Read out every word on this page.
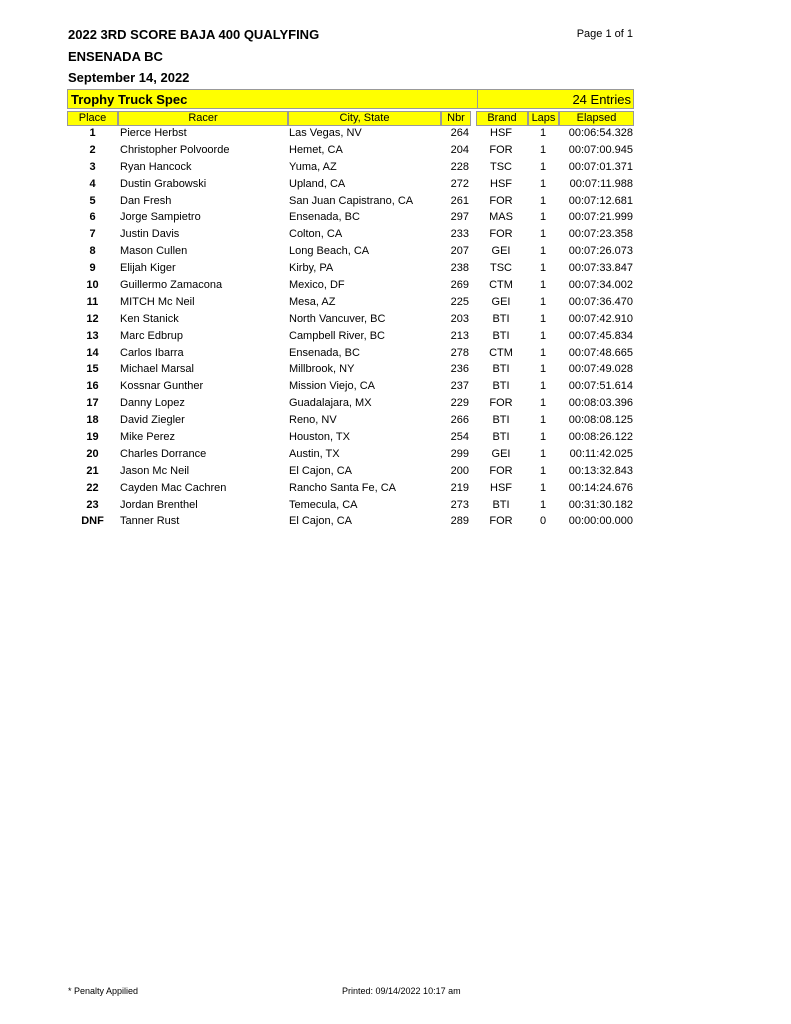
2022 3RD SCORE BAJA 400 QUALYFING
ENSENADA BC
September 14, 2022
Page 1 of 1
Trophy Truck Spec	24 Entries
Place	Racer	City, State	Nbr	Brand	Laps	Elapsed
1	Pierce Herbst	Las Vegas, NV	264	HSF	1	00:06:54.328
2	Christopher Polvoorde	Hemet, CA	204	FOR	1	00:07:00.945
3	Ryan Hancock	Yuma, AZ	228	TSC	1	00:07:01.371
4	Dustin Grabowski	Upland, CA	272	HSF	1	00:07:11.988
5	Dan Fresh	San Juan Capistrano, CA	261	FOR	1	00:07:12.681
6	Jorge Sampietro	Ensenada, BC	297	MAS	1	00:07:21.999
7	Justin Davis	Colton, CA	233	FOR	1	00:07:23.358
8	Mason Cullen	Long Beach, CA	207	GEI	1	00:07:26.073
9	Elijah Kiger	Kirby, PA	238	TSC	1	00:07:33.847
10	Guillermo Zamacona	Mexico, DF	269	CTM	1	00:07:34.002
11	MITCH Mc Neil	Mesa, AZ	225	GEI	1	00:07:36.470
12	Ken Stanick	North Vancuver, BC	203	BTI	1	00:07:42.910
13	Marc Edbrup	Campbell River, BC	213	BTI	1	00:07:45.834
14	Carlos Ibarra	Ensenada, BC	278	CTM	1	00:07:48.665
15	Michael Marsal	Millbrook, NY	236	BTI	1	00:07:49.028
16	Kossnar Gunther	Mission Viejo, CA	237	BTI	1	00:07:51.614
17	Danny Lopez	Guadalajara, MX	229	FOR	1	00:08:03.396
18	David Ziegler	Reno, NV	266	BTI	1	00:08:08.125
19	Mike Perez	Houston, TX	254	BTI	1	00:08:26.122
20	Charles Dorrance	Austin, TX	299	GEI	1	00:11:42.025
21	Jason Mc Neil	El Cajon, CA	200	FOR	1	00:13:32.843
22	Cayden Mac Cachren	Rancho Santa Fe, CA	219	HSF	1	00:14:24.676
23	Jordan Brenthel	Temecula, CA	273	BTI	1	00:31:30.182
DNF	Tanner Rust	El Cajon, CA	289	FOR	0	00:00:00.000
* Penalty Appilied	Printed: 09/14/2022 10:17 am
